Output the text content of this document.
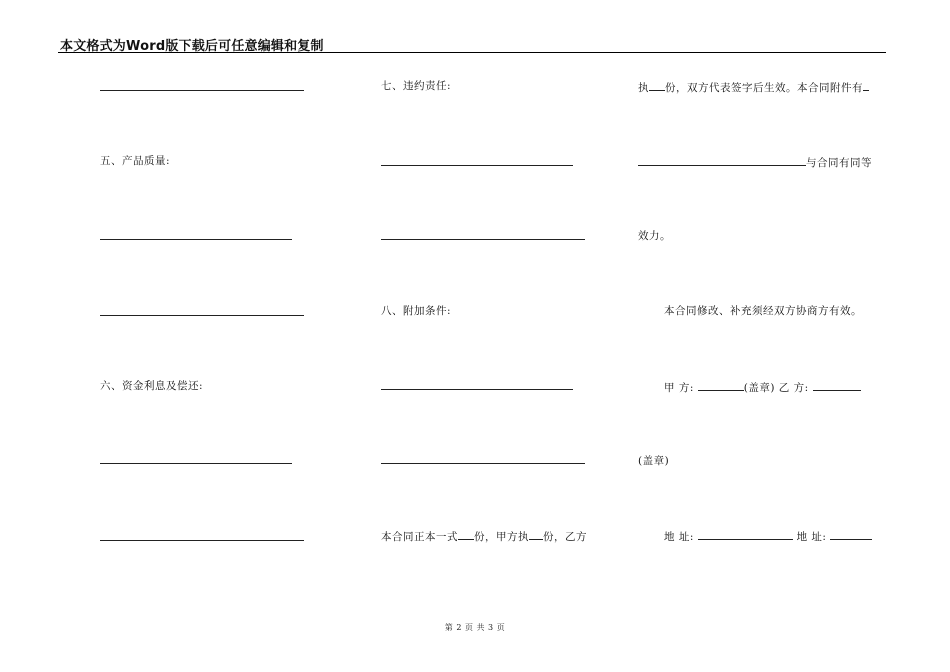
本文格式为Word版下载后可任意编辑和复制
五、产品质量:
六、资金利息及偿还:
七、违约责任:
八、附加条件:
本合同正本一式 份，甲方执 份，乙方
执 份，双方代表签字后生效。本合同附件有
与合同有同等
效力。
本合同修改、补充须经双方协商方有效。
甲 方:	(盖章) 乙 方:
(盖章)
地 址:	地 址:
第 2 页 共 3 页
